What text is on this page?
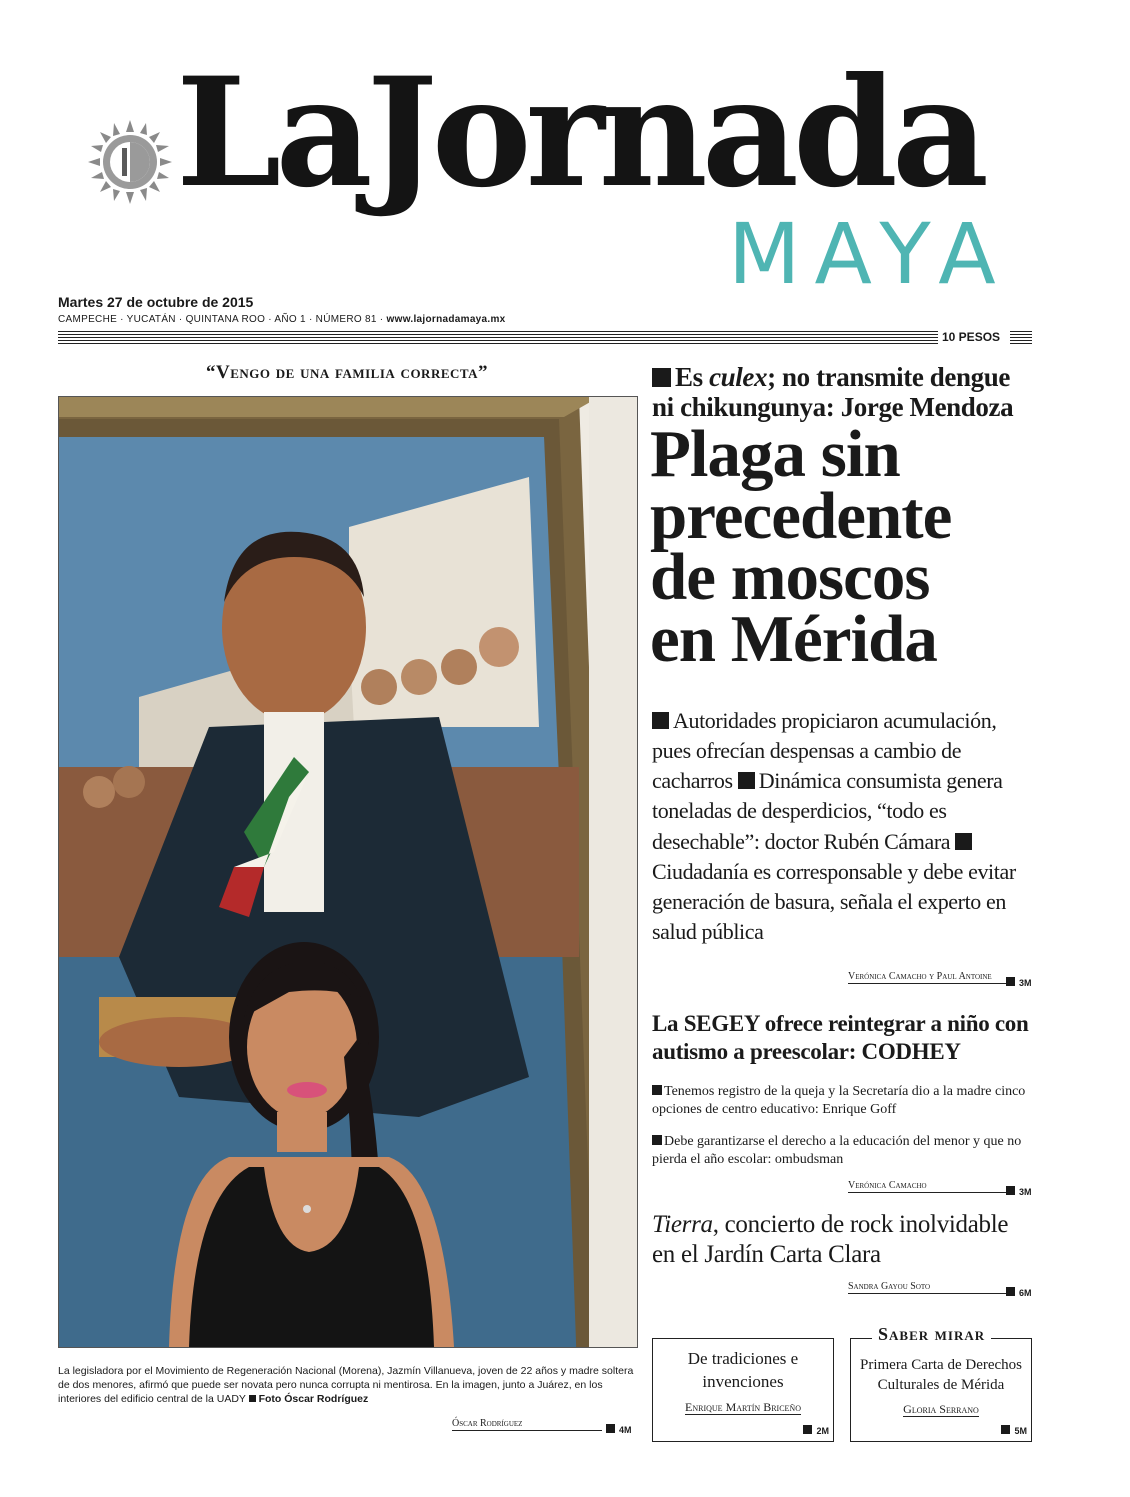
LaJornada
MAYA
Martes 27 de octubre de 2015
CAMPECHE · YUCATÁN · QUINTANA ROO · AÑO 1 · NÚMERO 81 · www.lajornadamaya.mx
10 PESOS
“Vengo de una familia correcta”
La legisladora por el Movimiento de Regeneración Nacional (Morena), Jazmín Villanueva, joven de 22 años y madre soltera de dos menores, afirmó que puede ser novata pero nunca corrupta ni mentirosa. En la imagen, junto a Juárez, en los interiores del edificio central de la UADY Foto Óscar Rodríguez
Óscar Rodríguez
4M
Es culex; no transmite dengue ni chikungunya: Jorge Mendoza
Plaga sin
precedente
de moscos
en Mérida
Autoridades propiciaron acumulación, pues ofrecían despensas a cambio de cacharros Dinámica consumista genera toneladas de desperdicios, “todo es desechable”: doctor Rubén Cámara Ciudadanía es corresponsable y debe evitar generación de basura, señala el experto en salud pública
Verónica Camacho y Paul Antoine
3M
La SEGEY ofrece reintegrar a niño con autismo a preescolar: CODHEY
Tenemos registro de la queja y la Secretaría dio a la madre cinco opciones de centro educativo: Enrique Goff
Debe garantizarse el derecho a la educación del menor y que no pierda el año escolar: ombudsman
Verónica Camacho
3M
Tierra, concierto de rock inolvidable en el Jardín Carta Clara
Sandra Gayou Soto
6M
De tradiciones e invenciones
Enrique Martín Briceño
2M
Primera Carta de Derechos Culturales de Mérida
Gloria Serrano
5M
Saber mirar
